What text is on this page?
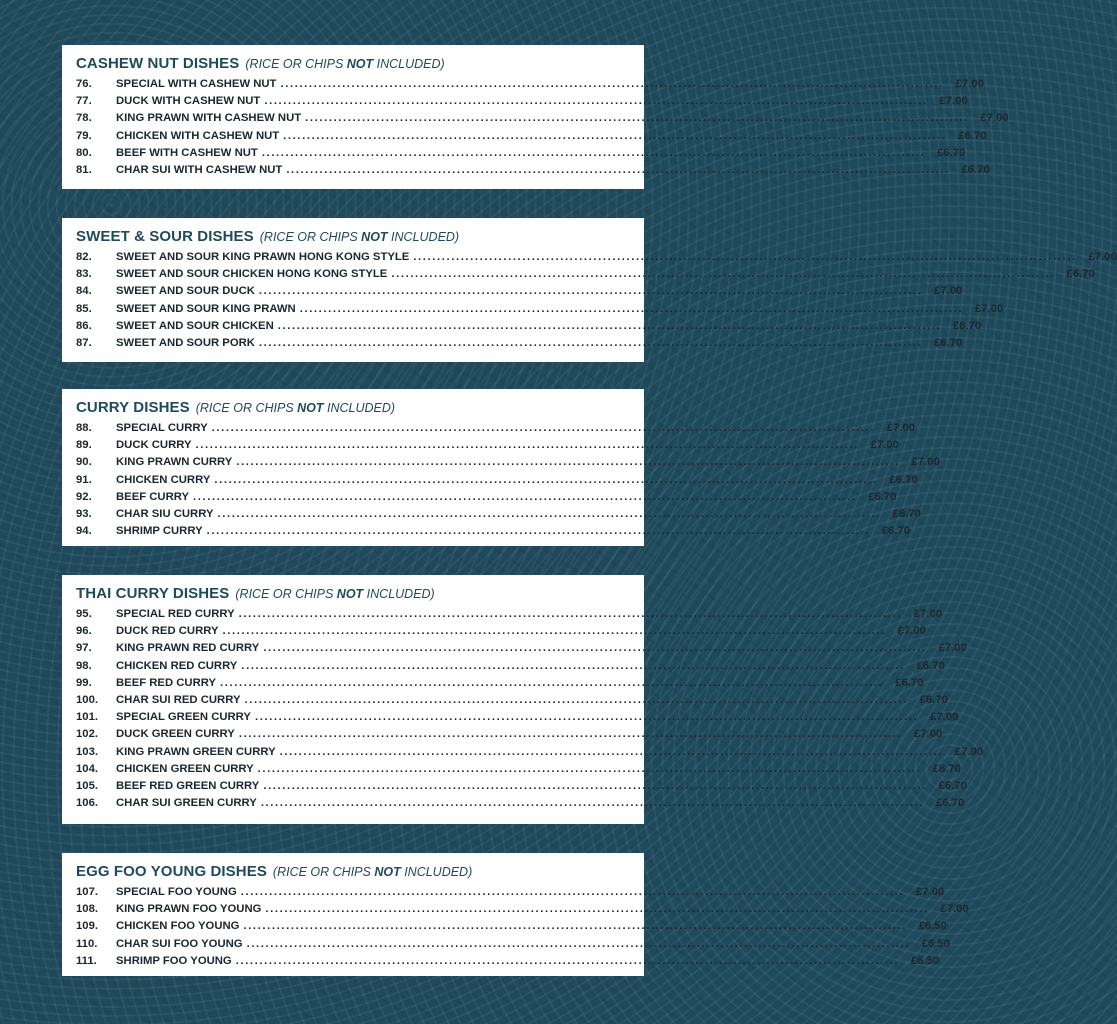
CASHEW NUT DISHES (RICE OR CHIPS NOT INCLUDED)
76.	SPECIAL WITH CASHEW NUT ............................................................................................................................................	£7.00
77.	DUCK WITH CASHEW NUT ............................................................................................................................................	£7.00
78.	KING PRAWN WITH CASHEW NUT ............................................................................................................................................	£7.00
79.	CHICKEN WITH CASHEW NUT ............................................................................................................................................	£6.70
80.	BEEF WITH CASHEW NUT ............................................................................................................................................	£6.70
81.	CHAR SUI WITH CASHEW NUT ............................................................................................................................................	£6.70
SWEET & SOUR DISHES (RICE OR CHIPS NOT INCLUDED)
82.	SWEET AND SOUR KING PRAWN HONG KONG STYLE ............................................................................................................................................	£7.00
83.	SWEET AND SOUR CHICKEN HONG KONG STYLE ............................................................................................................................................	£6.70
84.	SWEET AND SOUR DUCK ............................................................................................................................................	£7.00
85.	SWEET AND SOUR KING PRAWN ............................................................................................................................................	£7.00
86.	SWEET AND SOUR CHICKEN ............................................................................................................................................	£6.70
87.	SWEET AND SOUR PORK ............................................................................................................................................	£6.70
CURRY DISHES (RICE OR CHIPS NOT INCLUDED)
88.	SPECIAL CURRY ............................................................................................................................................	£7.00
89.	DUCK CURRY ............................................................................................................................................	£7.00
90.	KING PRAWN CURRY ............................................................................................................................................	£7.00
91.	CHICKEN CURRY ............................................................................................................................................	£6.70
92.	BEEF CURRY ............................................................................................................................................	£6.70
93.	CHAR SIU CURRY ............................................................................................................................................	£6.70
94.	SHRIMP CURRY ............................................................................................................................................	£6.70
THAI CURRY DISHES (RICE OR CHIPS NOT INCLUDED)
95.	SPECIAL RED CURRY ............................................................................................................................................	£7.00
96.	DUCK RED CURRY ............................................................................................................................................	£7.00
97.	KING PRAWN RED CURRY ............................................................................................................................................	£7.00
98.	CHICKEN RED CURRY ............................................................................................................................................	£6.70
99.	BEEF RED CURRY ............................................................................................................................................	£6.70
100.	CHAR SUI RED CURRY ............................................................................................................................................	£6.70
101.	SPECIAL GREEN CURRY ............................................................................................................................................	£7.00
102.	DUCK GREEN CURRY ............................................................................................................................................	£7.00
103.	KING PRAWN GREEN CURRY ............................................................................................................................................	£7.00
104.	CHICKEN GREEN CURRY ............................................................................................................................................	£6.70
105.	BEEF RED GREEN CURRY ............................................................................................................................................	£6.70
106.	CHAR SUI GREEN CURRY ............................................................................................................................................	£6.70
EGG FOO YOUNG DISHES (RICE OR CHIPS NOT INCLUDED)
107.	SPECIAL FOO YOUNG ............................................................................................................................................	£7.00
108.	KING PRAWN FOO YOUNG ............................................................................................................................................	£7.00
109.	CHICKEN FOO YOUNG ............................................................................................................................................	£6.50
110.	CHAR SUI FOO YOUNG ............................................................................................................................................	£6.50
111.	SHRIMP FOO YOUNG ............................................................................................................................................	£6.50
